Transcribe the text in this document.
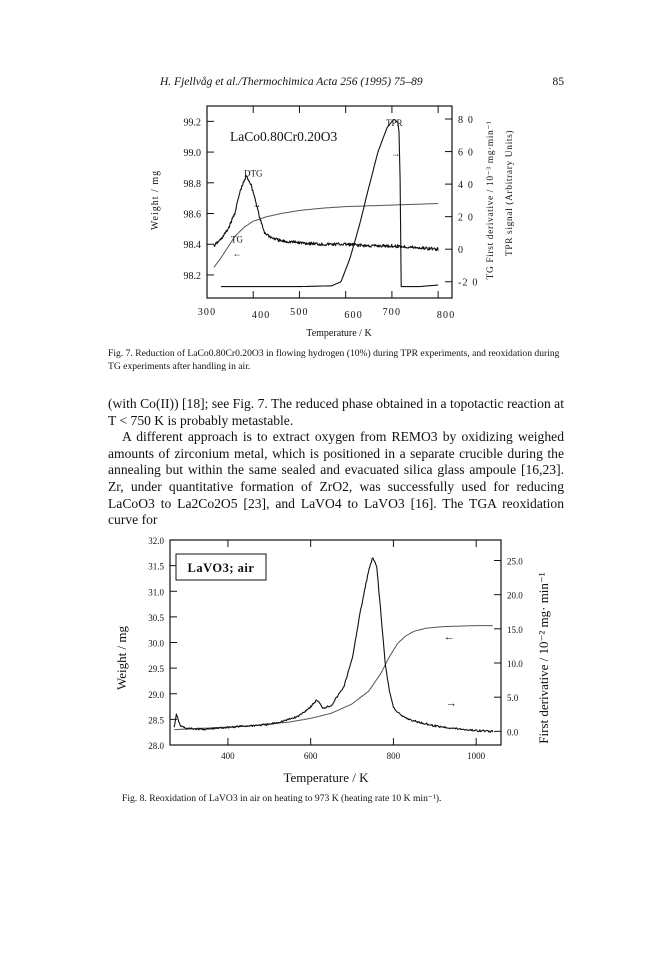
H. Fjellvåg et al./Thermochimica Acta 256 (1995) 75–89	85
300	400 500	600 700	800
99.2
99.0
98.8
98.6
98.4
98.2
8 0
6 0
4 0
2 0
0
-2 0
TPR
→
DTG
→
TG
←
LaCo0.80Cr0.20O3
Temperature / K
Weight / mg	TG First derivative / 10⁻³ mg·min⁻¹ TPR signal (Arbitrary Units)
Fig. 7. Reduction of LaCo0.80Cr0.20O3 in flowing hydrogen (10%) during TPR experiments, and reoxidation during TG experiments after handling in air.

(with Co(II)) [18]; see Fig. 7. The reduced phase obtained in a topotactic reaction at T < 750 K is probably metastable.

A different approach is to extract oxygen from REMO3 by oxidizing weighed amounts of zirconium metal, which is positioned in a separate crucible during the annealing but within the same sealed and evacuated silica glass ampoule [16,23]. Zr, under quantitative formation of ZrO2, was successfully used for reducing LaCoO3 to La2Co2O5 [23], and LaVO4 to LaVO3 [16]. The TGA reoxidation curve for

400	600	800	1000
32.0
31.5
31.0
30.5
30.0
29.5
29.0
28.5
28.0
25.0
20.0
15.0
10.0
5.0
0.0
←
→
LaVO3; air
Temperature / K
Weight / mg	First derivative / 10⁻² mg· min⁻¹
Fig. 8. Reoxidation of LaVO3 in air on heating to 973 K (heating rate 10 K min⁻¹).
